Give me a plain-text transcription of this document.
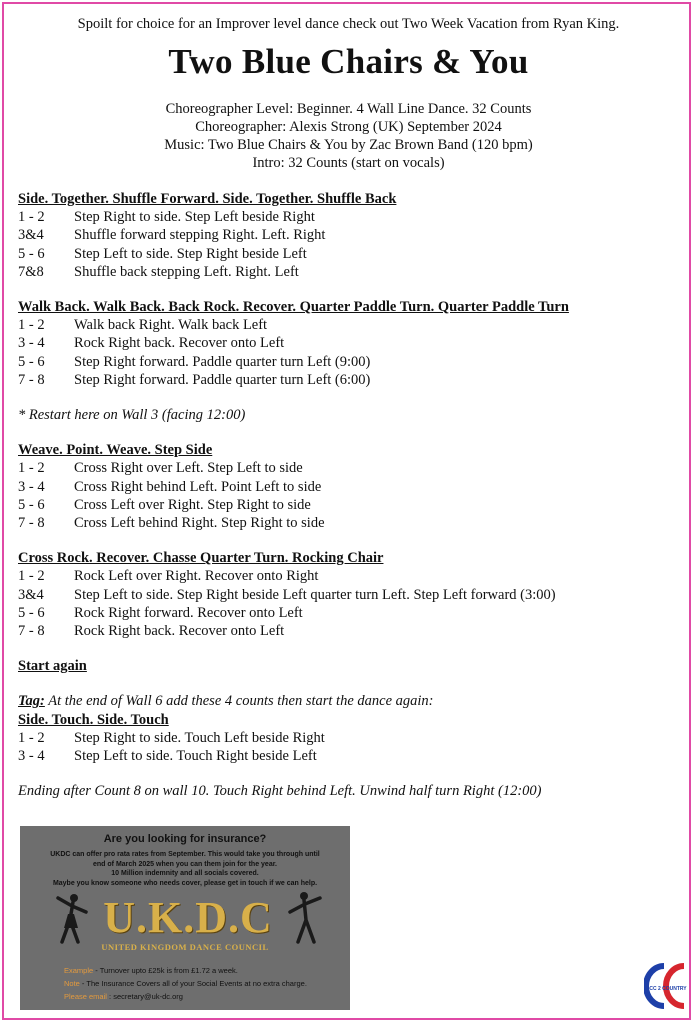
Spoilt for choice for an Improver level dance check out Two Week Vacation from Ryan King.
Two Blue Chairs & You
Choreographer Level: Beginner. 4 Wall Line Dance. 32 Counts
Choreographer: Alexis Strong (UK) September 2024
Music: Two Blue Chairs & You by Zac Brown Band (120 bpm)
Intro: 32 Counts (start on vocals)
Side. Together. Shuffle Forward. Side. Together. Shuffle Back
1 - 2	Step Right to side. Step Left beside Right
3&4	Shuffle forward stepping Right. Left. Right
5 - 6	Step Left to side. Step Right beside Left
7&8	Shuffle back stepping Left. Right. Left
Walk Back. Walk Back. Back Rock. Recover. Quarter Paddle Turn. Quarter Paddle Turn
1 - 2	Walk back Right. Walk back Left
3 - 4	Rock Right back. Recover onto Left
5 - 6	Step Right forward. Paddle quarter turn Left (9:00)
7 - 8	Step Right forward. Paddle quarter turn Left (6:00)
* Restart here on Wall 3 (facing 12:00)
Weave. Point. Weave. Step Side
1 - 2	Cross Right over Left. Step Left to side
3 - 4	Cross Right behind Left. Point Left to side
5 - 6	Cross Left over Right. Step Right to side
7 - 8	Cross Left behind Right. Step Right to side
Cross Rock. Recover. Chasse Quarter Turn. Rocking Chair
1 - 2	Rock Left over Right. Recover onto Right
3&4	Step Left to side. Step Right beside Left quarter turn Left. Step Left forward (3:00)
5 - 6	Rock Right forward. Recover onto Left
7 - 8	Rock Right back. Recover onto Left
Start again
Tag: At the end of Wall 6 add these 4 counts then start the dance again:
Side. Touch. Side. Touch
1 - 2	Step Right to side. Touch Left beside Right
3 - 4	Step Left to side. Touch Right beside Left
Ending after Count 8 on wall 10. Touch Right behind Left. Unwind half turn Right (12:00)
Are you looking for insurance?
UKDC can offer pro rata rates from September. This would take you through until
end of March 2025 when you can them join for the year.
10 Million indemnity and all socials covered.
Maybe you know someone who needs cover, please get in touch if we can help.
U.K.D.C
UNITED KINGDOM DANCE COUNCIL
Example - Turnover upto £25k is from £1.72 a week.
Note - The Insurance Covers all of your Social Events at no extra charge.
Please email : secretary@uk-dc.org
CC 2 COUNTRY
